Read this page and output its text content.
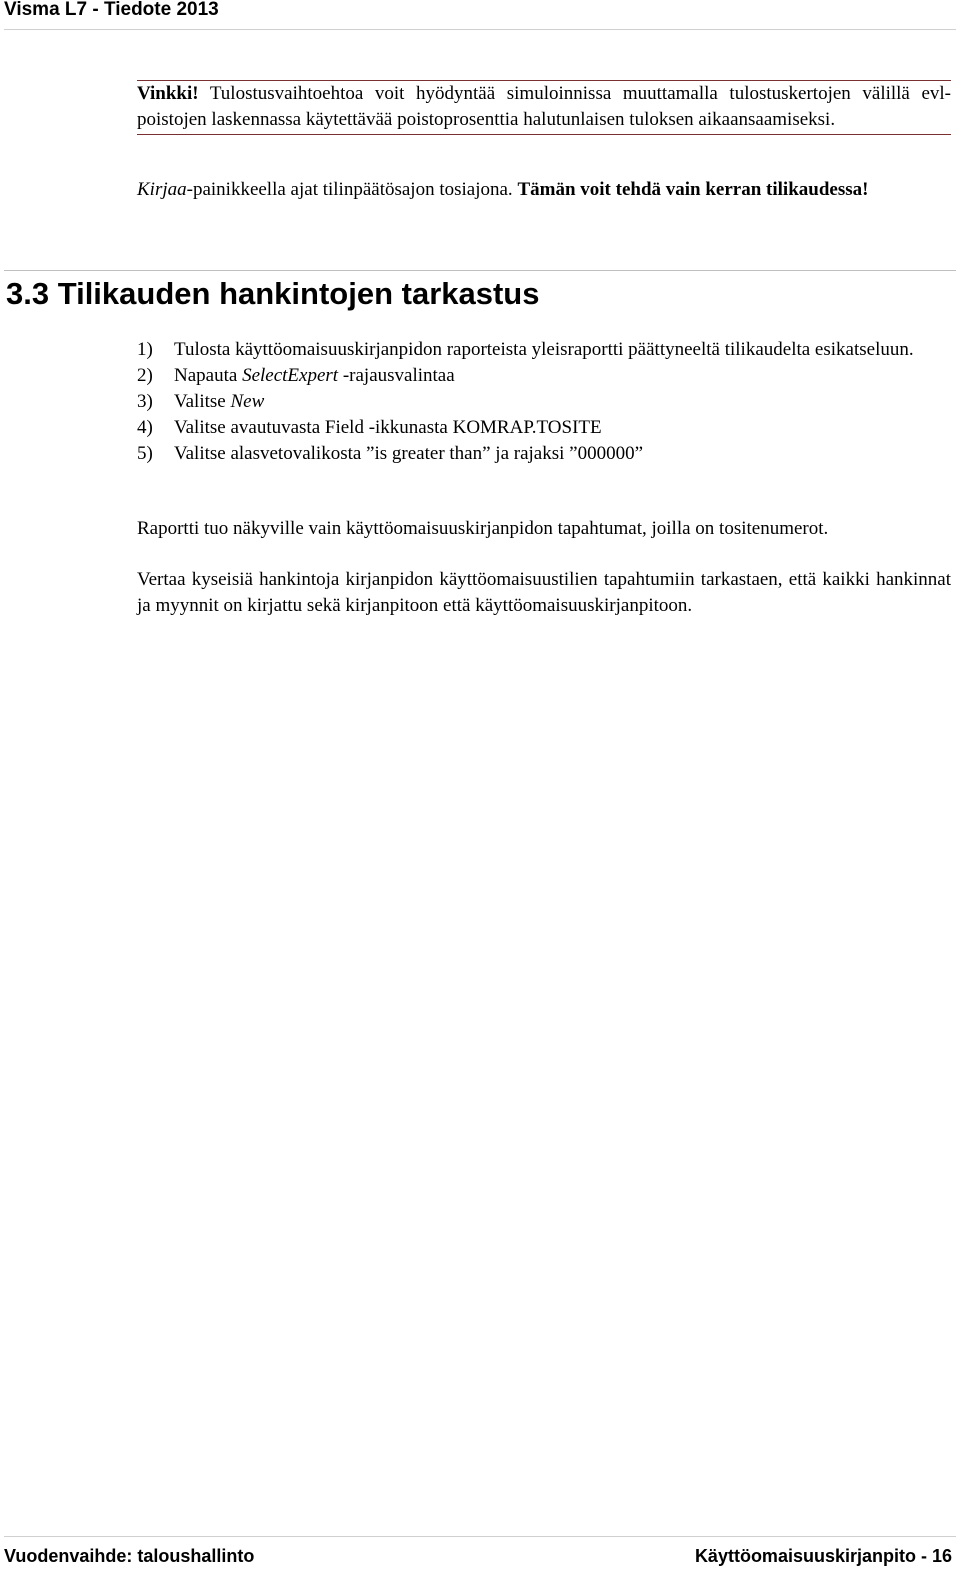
Visma L7 - Tiedote 2013
Vinkki! Tulostusvaihtoehtoa voit hyödyntää simuloinnissa muuttamalla tulostuskertojen välillä evl-poistojen laskennassa käytettävää poistoprosenttia halutunlaisen tuloksen aikaansaamiseksi.
Kirjaa-painikkeella ajat tilinpäätösajon tosiajona. Tämän voit tehdä vain kerran tilikaudessa!
3.3 Tilikauden hankintojen tarkastus
1)	Tulosta käyttöomaisuuskirjanpidon raporteista yleisraportti päättyneeltä tilikaudelta esikatseluun.
2)	Napauta SelectExpert -rajausvalintaa
3)	Valitse New
4)	Valitse avautuvasta Field -ikkunasta KOMRAP.TOSITE
5)	Valitse alasvetovalikosta ”is greater than” ja rajaksi ”000000”
Raportti tuo näkyville vain käyttöomaisuuskirjanpidon tapahtumat, joilla on tositenumerot.
Vertaa kyseisiä hankintoja kirjanpidon käyttöomaisuustilien tapahtumiin tarkastaen, että kaikki hankinnat ja myynnit on kirjattu sekä kirjanpitoon että käyttöomaisuuskirjanpitoon.
Vuodenvaihde: taloushallinto	Käyttöomaisuuskirjanpito - 16
